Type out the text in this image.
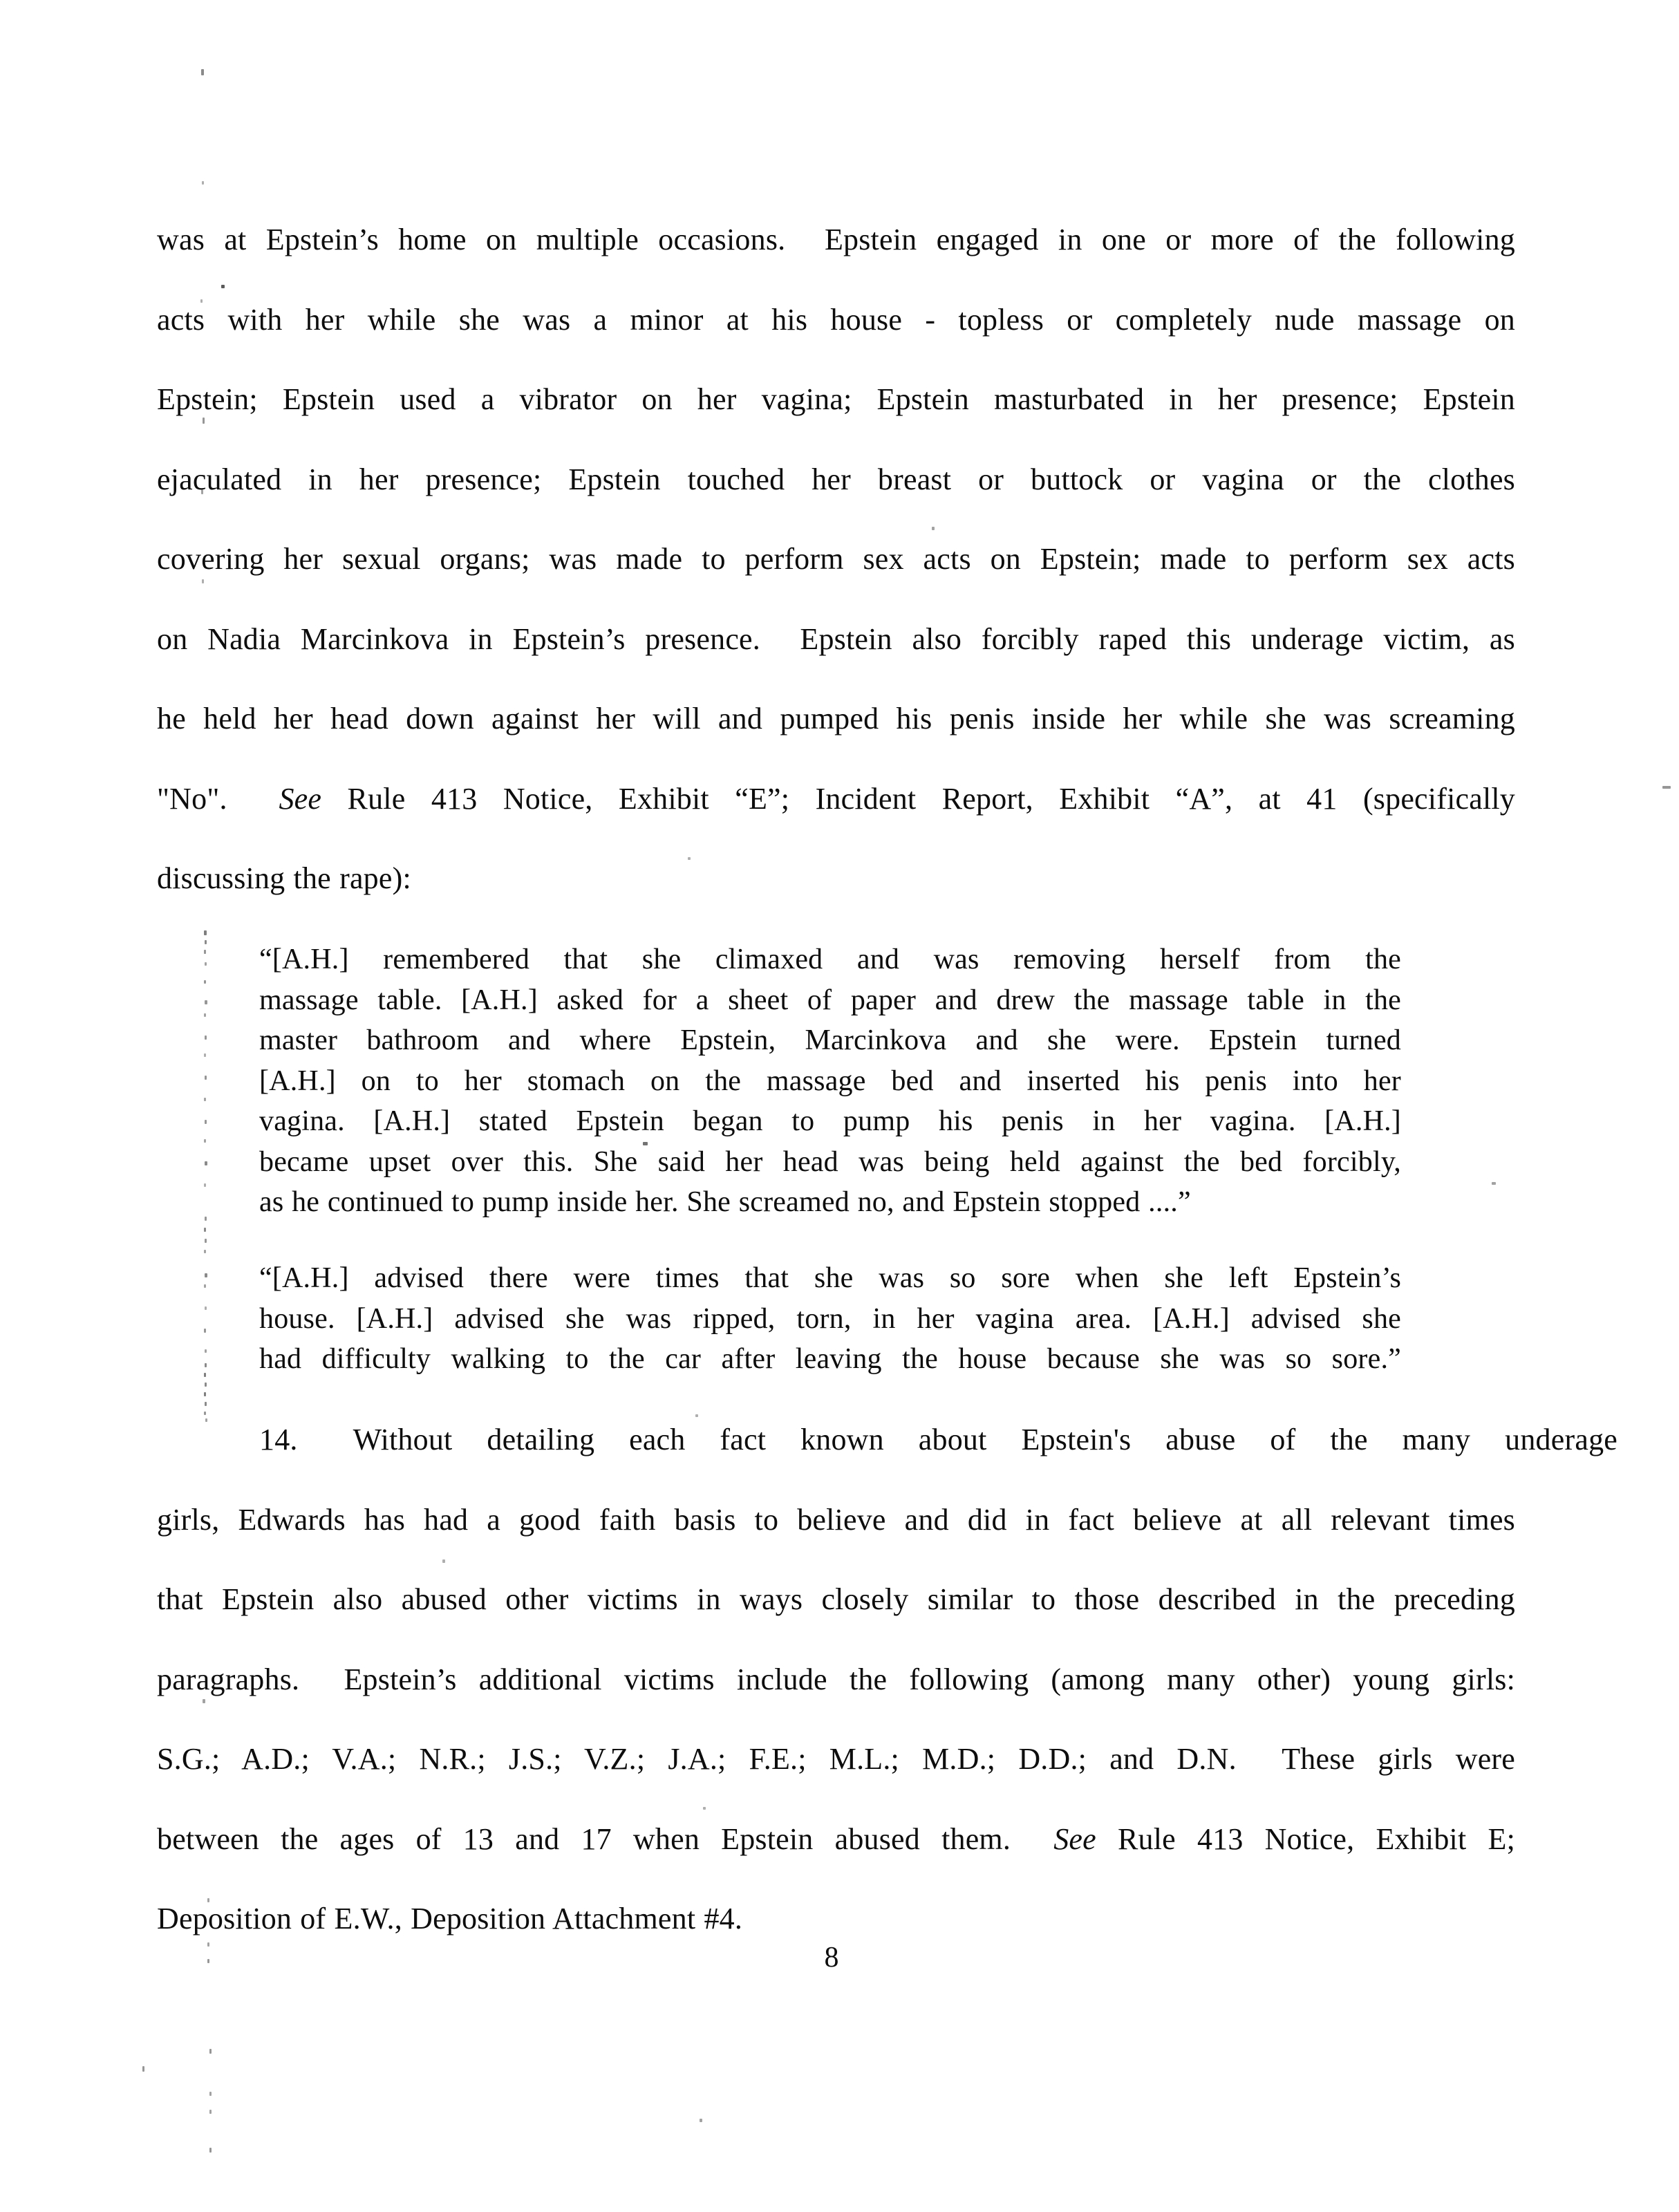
8
was at Epstein’s home on multiple occasions.  Epstein engaged in one or more of the following
acts with her while she was a minor at his house - topless or completely nude massage on
Epstein; Epstein used a vibrator on her vagina; Epstein masturbated in her presence; Epstein
ejaculated in her presence; Epstein touched her breast or buttock or vagina or the clothes
covering her sexual organs; was made to perform sex acts on Epstein; made to perform sex acts
on Nadia Marcinkova in Epstein’s presence.  Epstein also forcibly raped this underage victim, as
he held her head down against her will and pumped his penis inside her while she was screaming
"No".  See Rule 413 Notice, Exhibit “E”; Incident Report, Exhibit “A”, at 41 (specifically
discussing the rape):
“[A.H.] remembered that she climaxed and was removing herself from the
massage table. [A.H.] asked for a sheet of paper and drew the massage table in the
master bathroom and where Epstein, Marcinkova and she were. Epstein turned
[A.H.] on to her stomach on the massage bed and inserted his penis into her
vagina. [A.H.] stated Epstein began to pump his penis in her vagina. [A.H.]
became upset over this. She said her head was being held against the bed forcibly,
as he continued to pump inside her. She screamed no, and Epstein stopped ....”
“[A.H.] advised there were times that she was so sore when she left Epstein’s
house. [A.H.] advised she was ripped, torn, in her vagina area. [A.H.] advised she
had difficulty walking to the car after leaving the house because she was so sore.”
14. Without detailing each fact known about Epstein's abuse of the many underage
girls, Edwards has had a good faith basis to believe and did in fact believe at all relevant times
that Epstein also abused other victims in ways closely similar to those described in the preceding
paragraphs.  Epstein’s additional victims include the following (among many other) young girls:
S.G.; A.D.; V.A.; N.R.; J.S.; V.Z.; J.A.; F.E.; M.L.; M.D.; D.D.; and D.N.  These girls were
between the ages of 13 and 17 when Epstein abused them.  See Rule 413 Notice, Exhibit E;
Deposition of E.W., Deposition Attachment #4.
